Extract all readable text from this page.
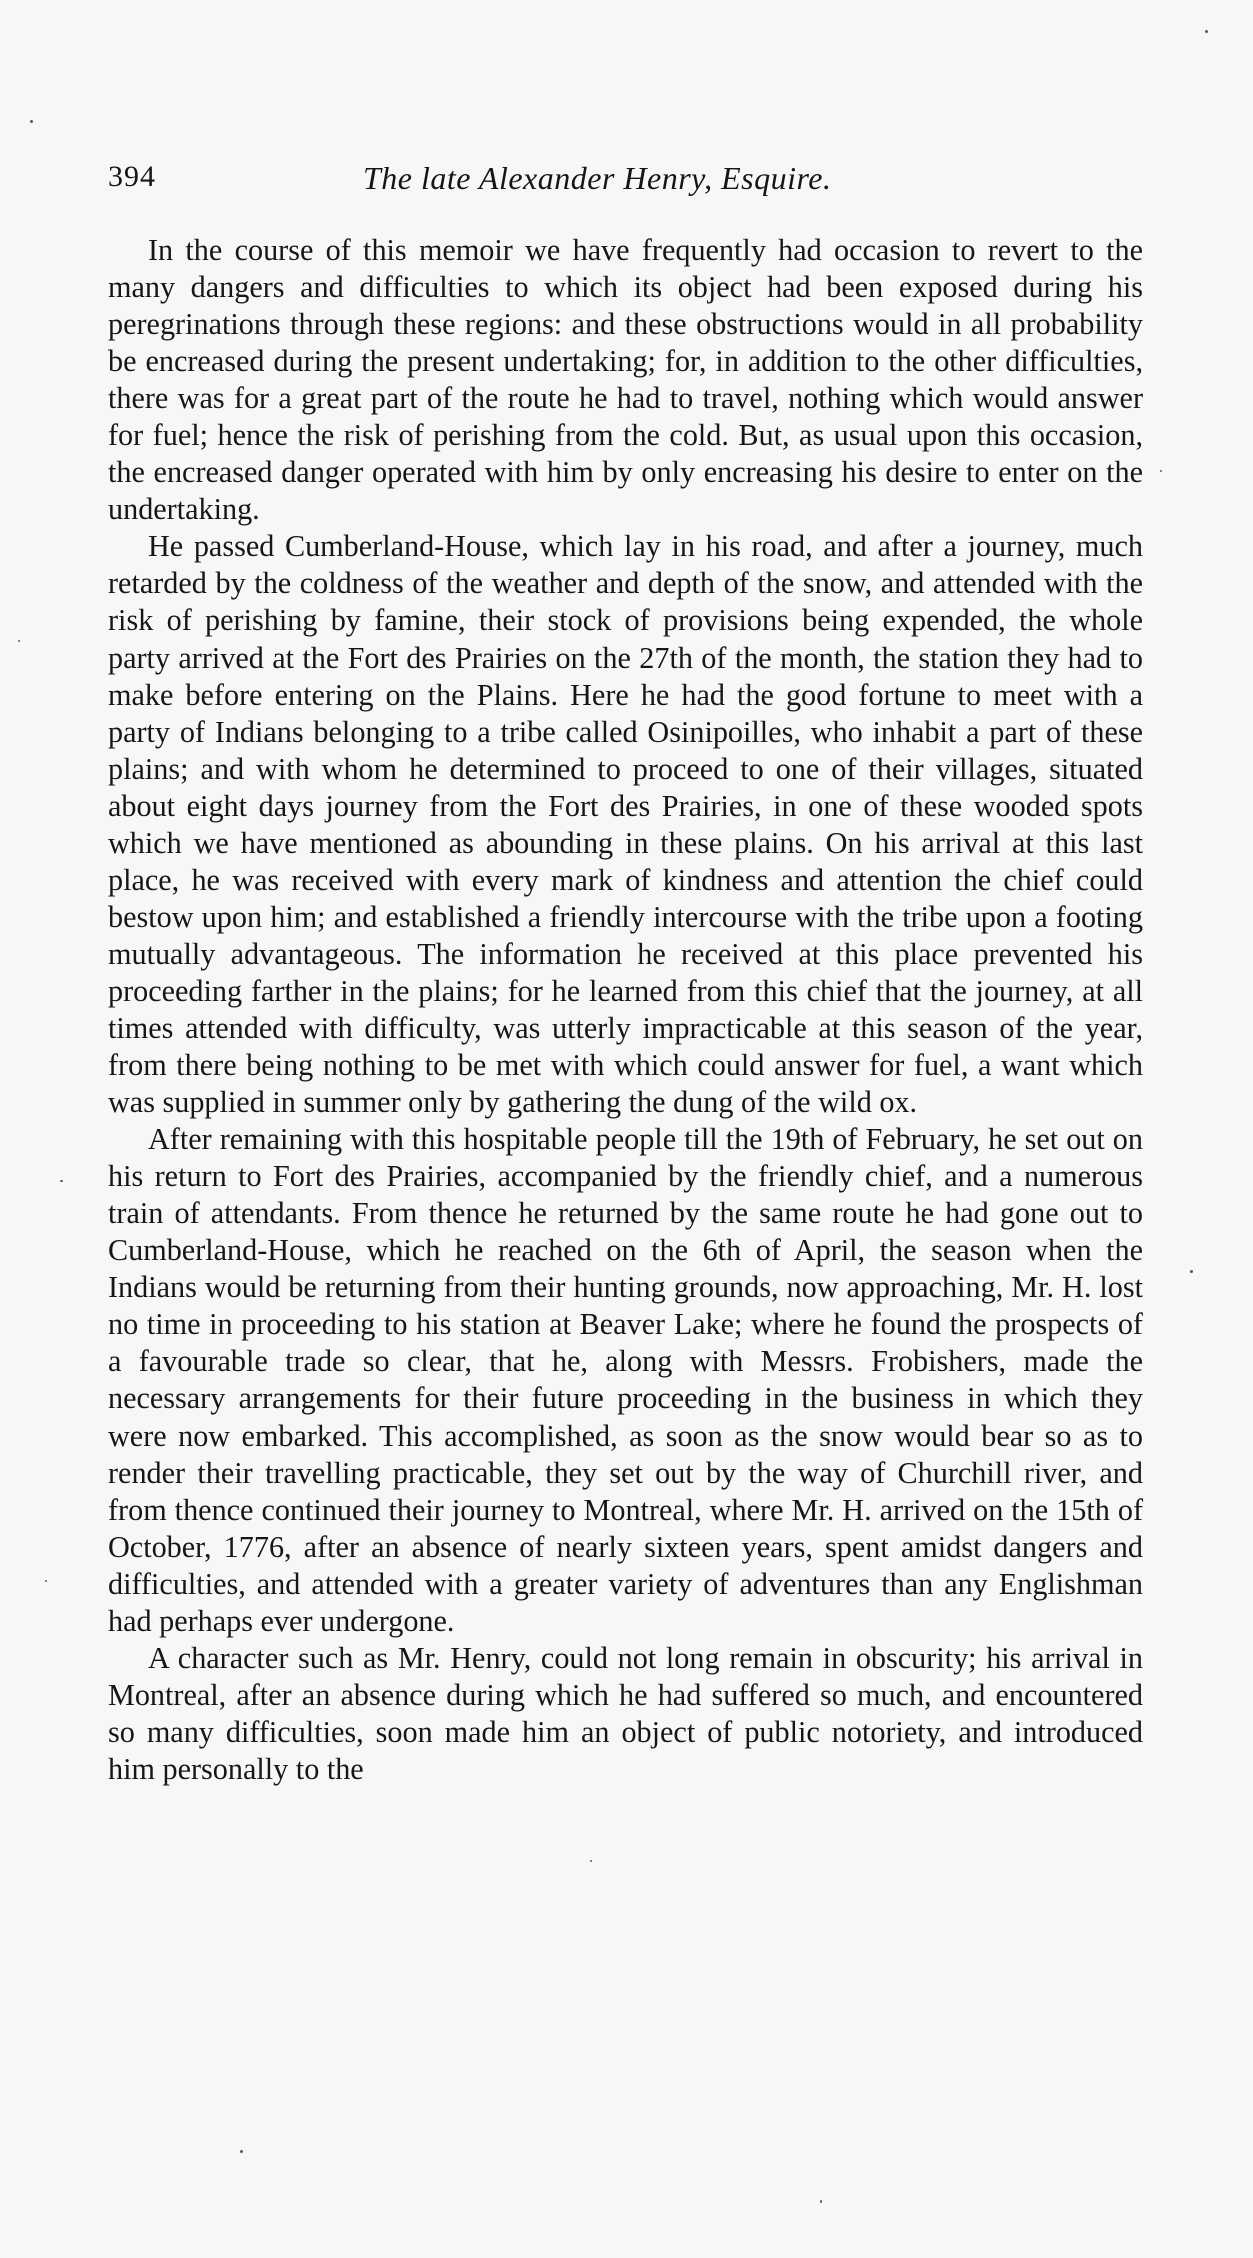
394	The late Alexander Henry, Esquire.

In the course of this memoir we have frequently had occasion to revert to the many dangers and difficulties to which its object had been exposed during his peregrinations through these regions: and these obstructions would in all probability be encreased during the present undertaking; for, in addition to the other difficulties, there was for a great part of the route he had to travel, nothing which would answer for fuel; hence the risk of perishing from the cold. But, as usual upon this occasion, the encreased danger operated with him by only encreasing his desire to enter on the undertaking.

He passed Cumberland-House, which lay in his road, and after a journey, much retarded by the coldness of the weather and depth of the snow, and attended with the risk of perishing by famine, their stock of provisions being expended, the whole party arrived at the Fort des Prairies on the 27th of the month, the station they had to make before entering on the Plains. Here he had the good fortune to meet with a party of Indians belonging to a tribe called Osinipoilles, who inhabit a part of these plains; and with whom he determined to proceed to one of their villages, situated about eight days journey from the Fort des Prairies, in one of these wooded spots which we have mentioned as abounding in these plains. On his arrival at this last place, he was received with every mark of kindness and attention the chief could bestow upon him; and established a friendly intercourse with the tribe upon a footing mutually advantageous. The information he received at this place prevented his proceeding farther in the plains; for he learned from this chief that the journey, at all times attended with difficulty, was utterly impracticable at this season of the year, from there being nothing to be met with which could answer for fuel, a want which was supplied in summer only by gathering the dung of the wild ox.

After remaining with this hospitable people till the 19th of February, he set out on his return to Fort des Prairies, accompanied by the friendly chief, and a numerous train of attendants. From thence he returned by the same route he had gone out to Cumberland-House, which he reached on the 6th of April, the season when the Indians would be returning from their hunting grounds, now approaching, Mr. H. lost no time in proceeding to his station at Beaver Lake; where he found the prospects of a favourable trade so clear, that he, along with Messrs. Frobishers, made the necessary arrangements for their future proceeding in the business in which they were now embarked. This accomplished, as soon as the snow would bear so as to render their travelling practicable, they set out by the way of Churchill river, and from thence continued their journey to Montreal, where Mr. H. arrived on the 15th of October, 1776, after an absence of nearly sixteen years, spent amidst dangers and difficulties, and attended with a greater variety of adventures than any Englishman had perhaps ever undergone.

A character such as Mr. Henry, could not long remain in obscurity; his arrival in Montreal, after an absence during which he had suffered so much, and encountered so many difficulties, soon made him an object of public notoriety, and introduced him personally to the
